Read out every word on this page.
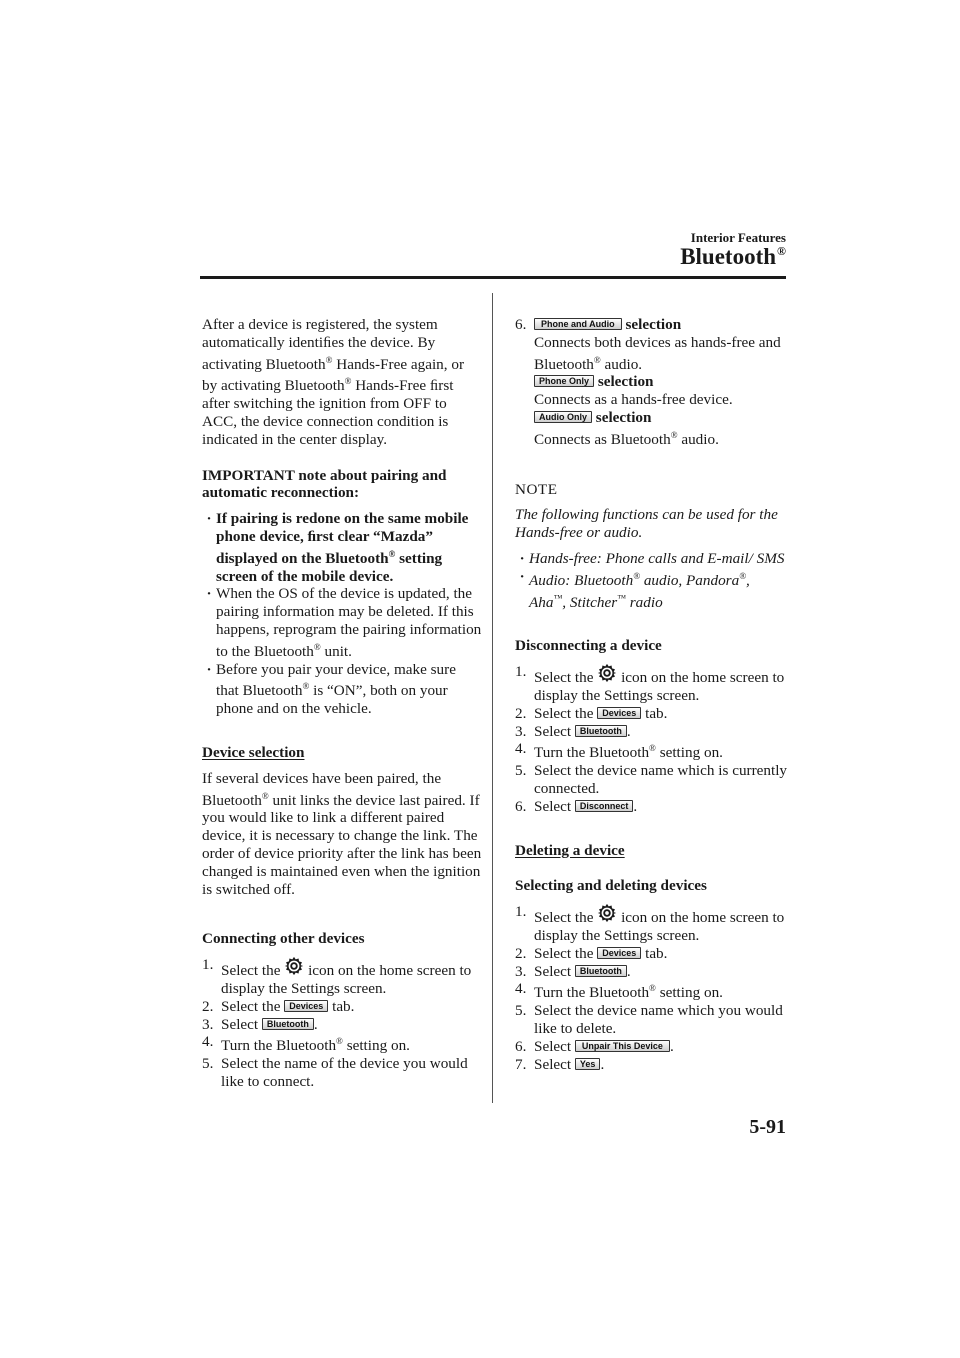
Interior Features
Bluetooth®

After a device is registered, the system automatically identiﬁes the device. By activating Bluetooth® Hands-Free again, or by activating Bluetooth® Hands-Free ﬁrst after switching the ignition from OFF to ACC, the device connection condition is indicated in the center display.

IMPORTANT note about pairing and automatic reconnection:

· If pairing is redone on the same mobile phone device, ﬁrst clear “Mazda” displayed on the Bluetooth® setting screen of the mobile device.
· When the OS of the device is updated, the pairing information may be deleted. If this happens, reprogram the pairing information to the Bluetooth® unit.
· Before you pair your device, make sure that Bluetooth® is “ON”, both on your phone and on the vehicle.

Device selection

If several devices have been paired, the Bluetooth® unit links the device last paired. If you would like to link a different paired device, it is necessary to change the link. The order of device priority after the link has been changed is maintained even when the ignition is switched off.

Connecting other devices

1. Select the
icon on the home screen to display the Settings screen.
2. Select the Devices tab.
3. Select Bluetooth .
4. Turn the Bluetooth® setting on.
5. Select the name of the device you would like to connect.
6.	Phone and Audio selection
Connects both devices as hands-free and Bluetooth® audio.
Phone Only selection
Connects as a hands-free device.
Audio Only selection
Connects as Bluetooth® audio.

NOTE

The following functions can be used for the Hands-free or audio.

· Hands-free: Phone calls and E-mail/ SMS
· Audio: Bluetooth® audio, Pandora®, Aha™, Stitcher™ radio

Disconnecting a device

1. Select the
icon on the home screen to display the Settings screen.
2. Select the Devices tab.
3. Select Bluetooth .
4. Turn the Bluetooth® setting on.
5. Select the device name which is currently connected.
6. Select Disconnect .

Deleting a device

Selecting and deleting devices

1. Select the
icon on the home screen to display the Settings screen.
2. Select the Devices tab.
3. Select Bluetooth .
4. Turn the Bluetooth® setting on.
5. Select the device name which you would like to delete.
6. Select Unpair This Device .
7. Select Yes .
5-91
